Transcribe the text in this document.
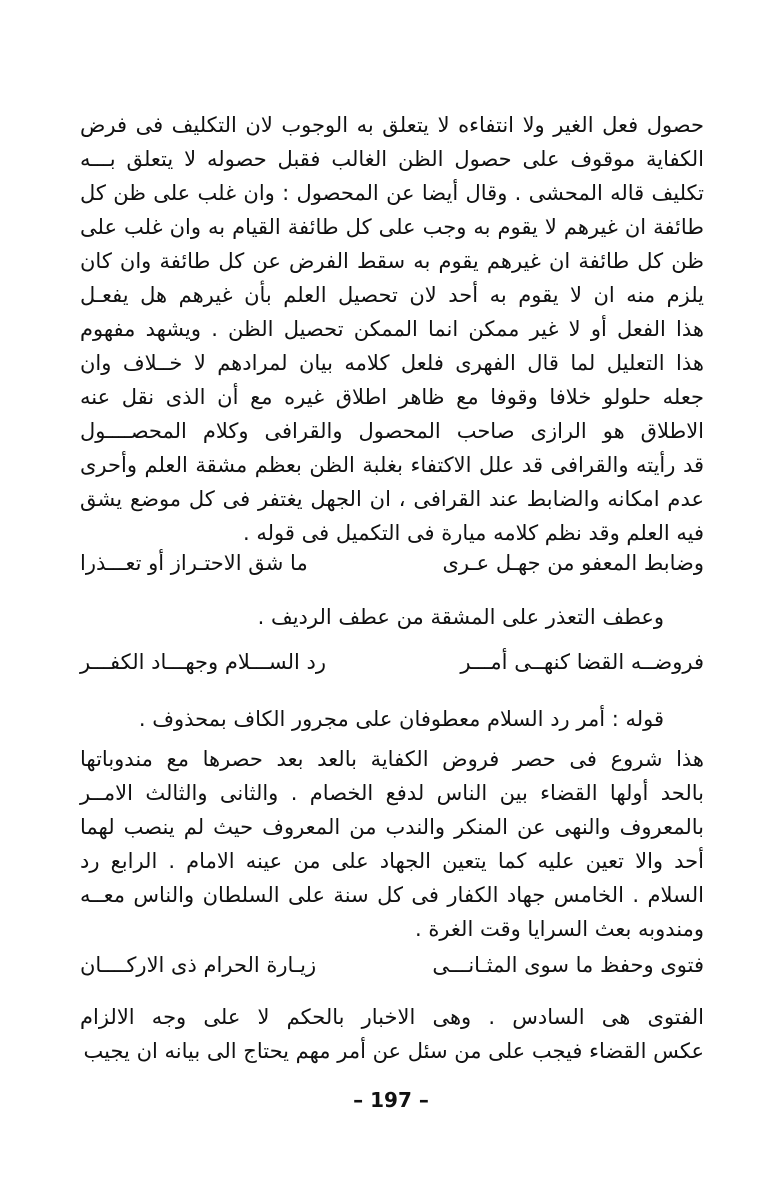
حصول فعل الغير ولا انتفاءه لا يتعلق به الوجوب لان التكليف فى فرض
الكفاية موقوف على حصول الظن الغالب فقبل حصوله لا يتعلق بـــه
تكليف قاله المحشى . وقال أيضا عن المحصول : وان غلب على ظن كل
طائفة ان غيرهم لا يقوم به وجب على كل طائفة القيام به وان غلب على
ظن كل طائفة ان غيرهم يقوم به سقط الفرض عن كل طائفة وان كان
يلزم منه ان لا يقوم به أحد لان تحصيل العلم بأن غيرهم هل يفعـل
هذا الفعل أو لا غير ممكن انما الممكن تحصيل الظن . ويشهد مفهوم
هذا التعليل لما قال الفهرى فلعل كلامه بيان لمرادهم لا خــلاف وان
جعله حلولو خلافا وقوفا مع ظاهر اطلاق غيره مع أن الذى نقل عنه
الاطلاق هو الرازى صاحب المحصول والقرافى وكلام المحصــــول
قد رأيته والقرافى قد علل الاكتفاء بغلبة الظن بعظم مشقة العلم وأحرى
عدم امكانه والضابط عند القرافى ، ان الجهل يغتفر فى كل موضع يشق
فيه العلم وقد نظم كلامه ميارة فى التكميل فى قوله .

وضابط المعفو من جهـل عـرى
ما شق الاحتـراز أو تعـــذرا
وعطف التعذر على المشقة من عطف الرديف .
فروضــه القضا كنهــى أمـــر
رد الســـلام وجهـــاد الكفـــر
قوله : أمر رد السلام معطوفان على مجرور الكاف بمحذوف .

هذا شروع فى حصر فروض الكفاية بالعد بعد حصرها مع مندوباتها
بالحد أولها القضاء بين الناس لدفع الخصام . والثانى والثالث الامــر
بالمعروف والنهى عن المنكر والندب من المعروف حيث لم ينصب لهما
أحد والا تعين عليه كما يتعين الجهاد على من عينه الامام . الرابع رد
السلام . الخامس جهاد الكفار فى كل سنة على السلطان والناس معــه
ومندوبه بعث السرايا وقت الغرة .

فتوى وحفظ ما سوى المثـانـــى
زيـارة الحرام ذى الاركــــان

الفتوى هى السادس . وهى الاخبار بالحكم لا على وجه الالزام
عكس القضاء فيجب على من سئل عن أمر مهم يحتاج الى بيانه ان يجيب

– 197 –
